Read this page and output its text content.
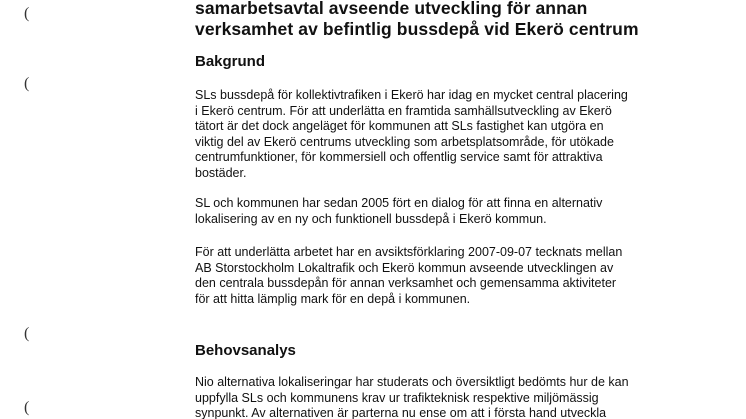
(
(
(
(
samarbetsavtal avseende utveckling för annan
verksamhet av befintlig bussdepå vid Ekerö centrum
Bakgrund
SLs bussdepå för kollektivtrafiken i Ekerö har idag en mycket central placering
i Ekerö centrum. För att underlätta en framtida samhällsutveckling av Ekerö
tätort är det dock angeläget för kommunen att SLs fastighet kan utgöra en
viktig del av Ekerö centrums utveckling som arbetsplatsområde, för utökade
centrumfunktioner, för kommersiell och offentlig service samt för attraktiva
bostäder.
SL och kommunen har sedan 2005 fört en dialog för att finna en alternativ
lokalisering av en ny och funktionell bussdepå i Ekerö kommun.
För att underlätta arbetet har en avsiktsförklaring 2007-09-07 tecknats mellan
AB Storstockholm Lokaltrafik och Ekerö kommun avseende utvecklingen av
den centrala bussdepån för annan verksamhet och gemensamma aktiviteter
för att hitta lämplig mark för en depå i kommunen.
Behovsanalys
Nio alternativa lokaliseringar har studerats och översiktligt bedömts hur de kan
uppfylla SLs och kommunens krav ur trafikteknisk respektive miljömässig
synpunkt. Av alternativen är parterna nu ense om att i första hand utveckla
